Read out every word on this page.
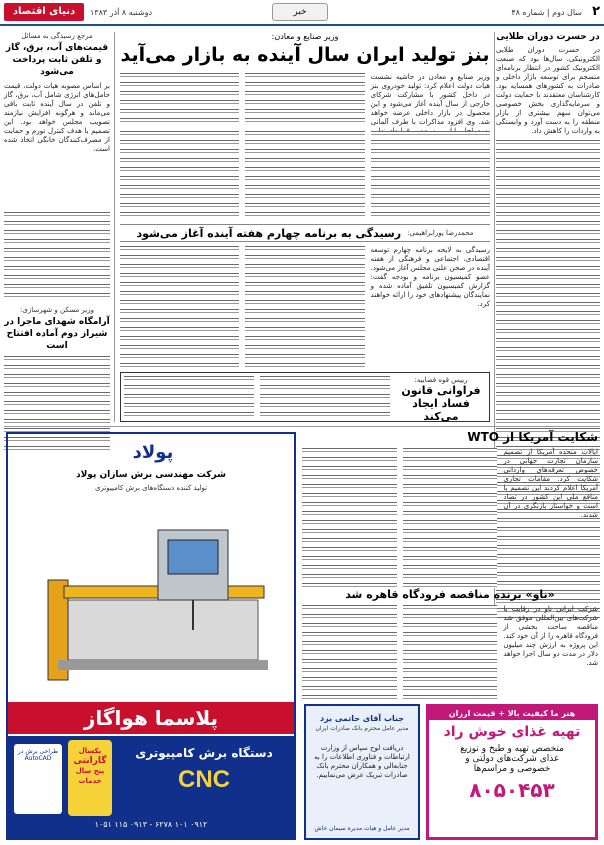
۲
سال دوم | شماره ۴۸
خبر
دوشنبه ۸ آذر ۱۳۸۳
دنیای اقتصاد
در حسرت دوران طلایی
در حسرت دوران طلایی الکترونیکی، سال‌ها بود که صنعت الکترونیک کشور در انتظار برنامه‌ای منسجم برای توسعه بازار داخلی و صادرات به کشورهای همسایه بود. کارشناسان معتقدند با حمایت دولت و سرمایه‌گذاری بخش خصوصی می‌توان سهم بیشتری از بازار منطقه را به دست آورد و وابستگی به واردات را کاهش داد.
وزیر صنایع و معادن:
بنز تولید ایران سال آینده به بازار می‌آید
وزیر صنایع و معادن در حاشیه نشست هیات دولت اعلام کرد: تولید خودروی بنز در داخل کشور با مشارکت شرکای خارجی از سال آینده آغاز می‌شود و این محصول در بازار داخلی عرضه خواهد شد. وی افزود مذاکرات با طرف آلمانی
محمدرضا پورابراهیمی:
رسیدگی به برنامه چهارم هفته آینده آغاز می‌شود
رسیدگی به لایحه برنامه چهارم توسعه اقتصادی، اجتماعی و فرهنگی از هفته آینده در صحن علنی مجلس آغاز می‌شود. عضو کمیسیون برنامه و بودجه گفت: گزارش کمیسیون تلفیق آماده شده و نمایندگان پیشنهادهای خود را ارائه خواهند کرد.
رییس قوه قضاییه:
فراوانی قانون
فساد ایجاد می‌کند
مرجع رسیدگی به مسائل
قیمت‌های آب، برق، گاز و تلفن ثابت پرداخت می‌شود
بر اساس مصوبه هیات دولت، قیمت حامل‌های انرژی شامل آب، برق، گاز و تلفن در سال آینده ثابت باقی می‌ماند و هرگونه افزایش نیازمند تصویب مجلس خواهد بود. این تصمیم با هدف کنترل تورم و حمایت از مصرف‌کنندگان خانگی اتخاذ شده است.
وزیر مسکن و شهرسازی:
آرامگاه شهدای ماجرا در شیراز دوم آماده افتتاح است
شکایت آمریکا از WTO
ایالات متحده آمریکا از تصمیم سازمان تجارت جهانی در خصوص تعرفه‌های وارداتی شکایت کرد. مقامات تجاری آمریکا اعلام کردند این تصمیم با منافع ملی این کشور در تضاد است و خواستار بازنگری در آن شدند.
«ناو» برنده مناقصه فرودگاه قاهره شد
شرکت ایرانی ناو در رقابت با شرکت‌های بین‌المللی موفق شد مناقصه ساخت بخشی از فرودگاه قاهره را از آن خود کند. این پروژه به ارزش چند میلیون دلار در مدت دو سال اجرا خواهد شد.
پولاد
شرکت مهندسی برش سازان پولاد
تولید کننده دستگاه‌های برش کامپیوتری
پلاسما هواگاز
طراحی برش در AutoCAD
یکسال
گارانتی
پنج سال
خدمات
دستگاه برش کامپیوتری
CNC
۰۹۱۲ ۱۰۱ ۶۲۷۸ - ۰۹۱۳ ۱۱۵ ۱۰۵۱
جناب آقای حاتمی یزد
مدیر عامل محترم بانک صادرات ایران
دریافت لوح سپاس از وزارت ارتباطات و فناوری اطلاعات را به جنابعالی و همکاران محترم بانک صادرات تبریک عرض می‌نماییم.
مدیر عامل و هیات مدیره سیمان خاش
هنر ما کیفیت بالا + قیمت ارزان
تهیه غذای خوش راد
متخصص تهیه و طبخ و توزیع
غذای شرکت‌های دولتی و
خصوصی و مراسم‌ها
۸۰۵۰۴۵۳
